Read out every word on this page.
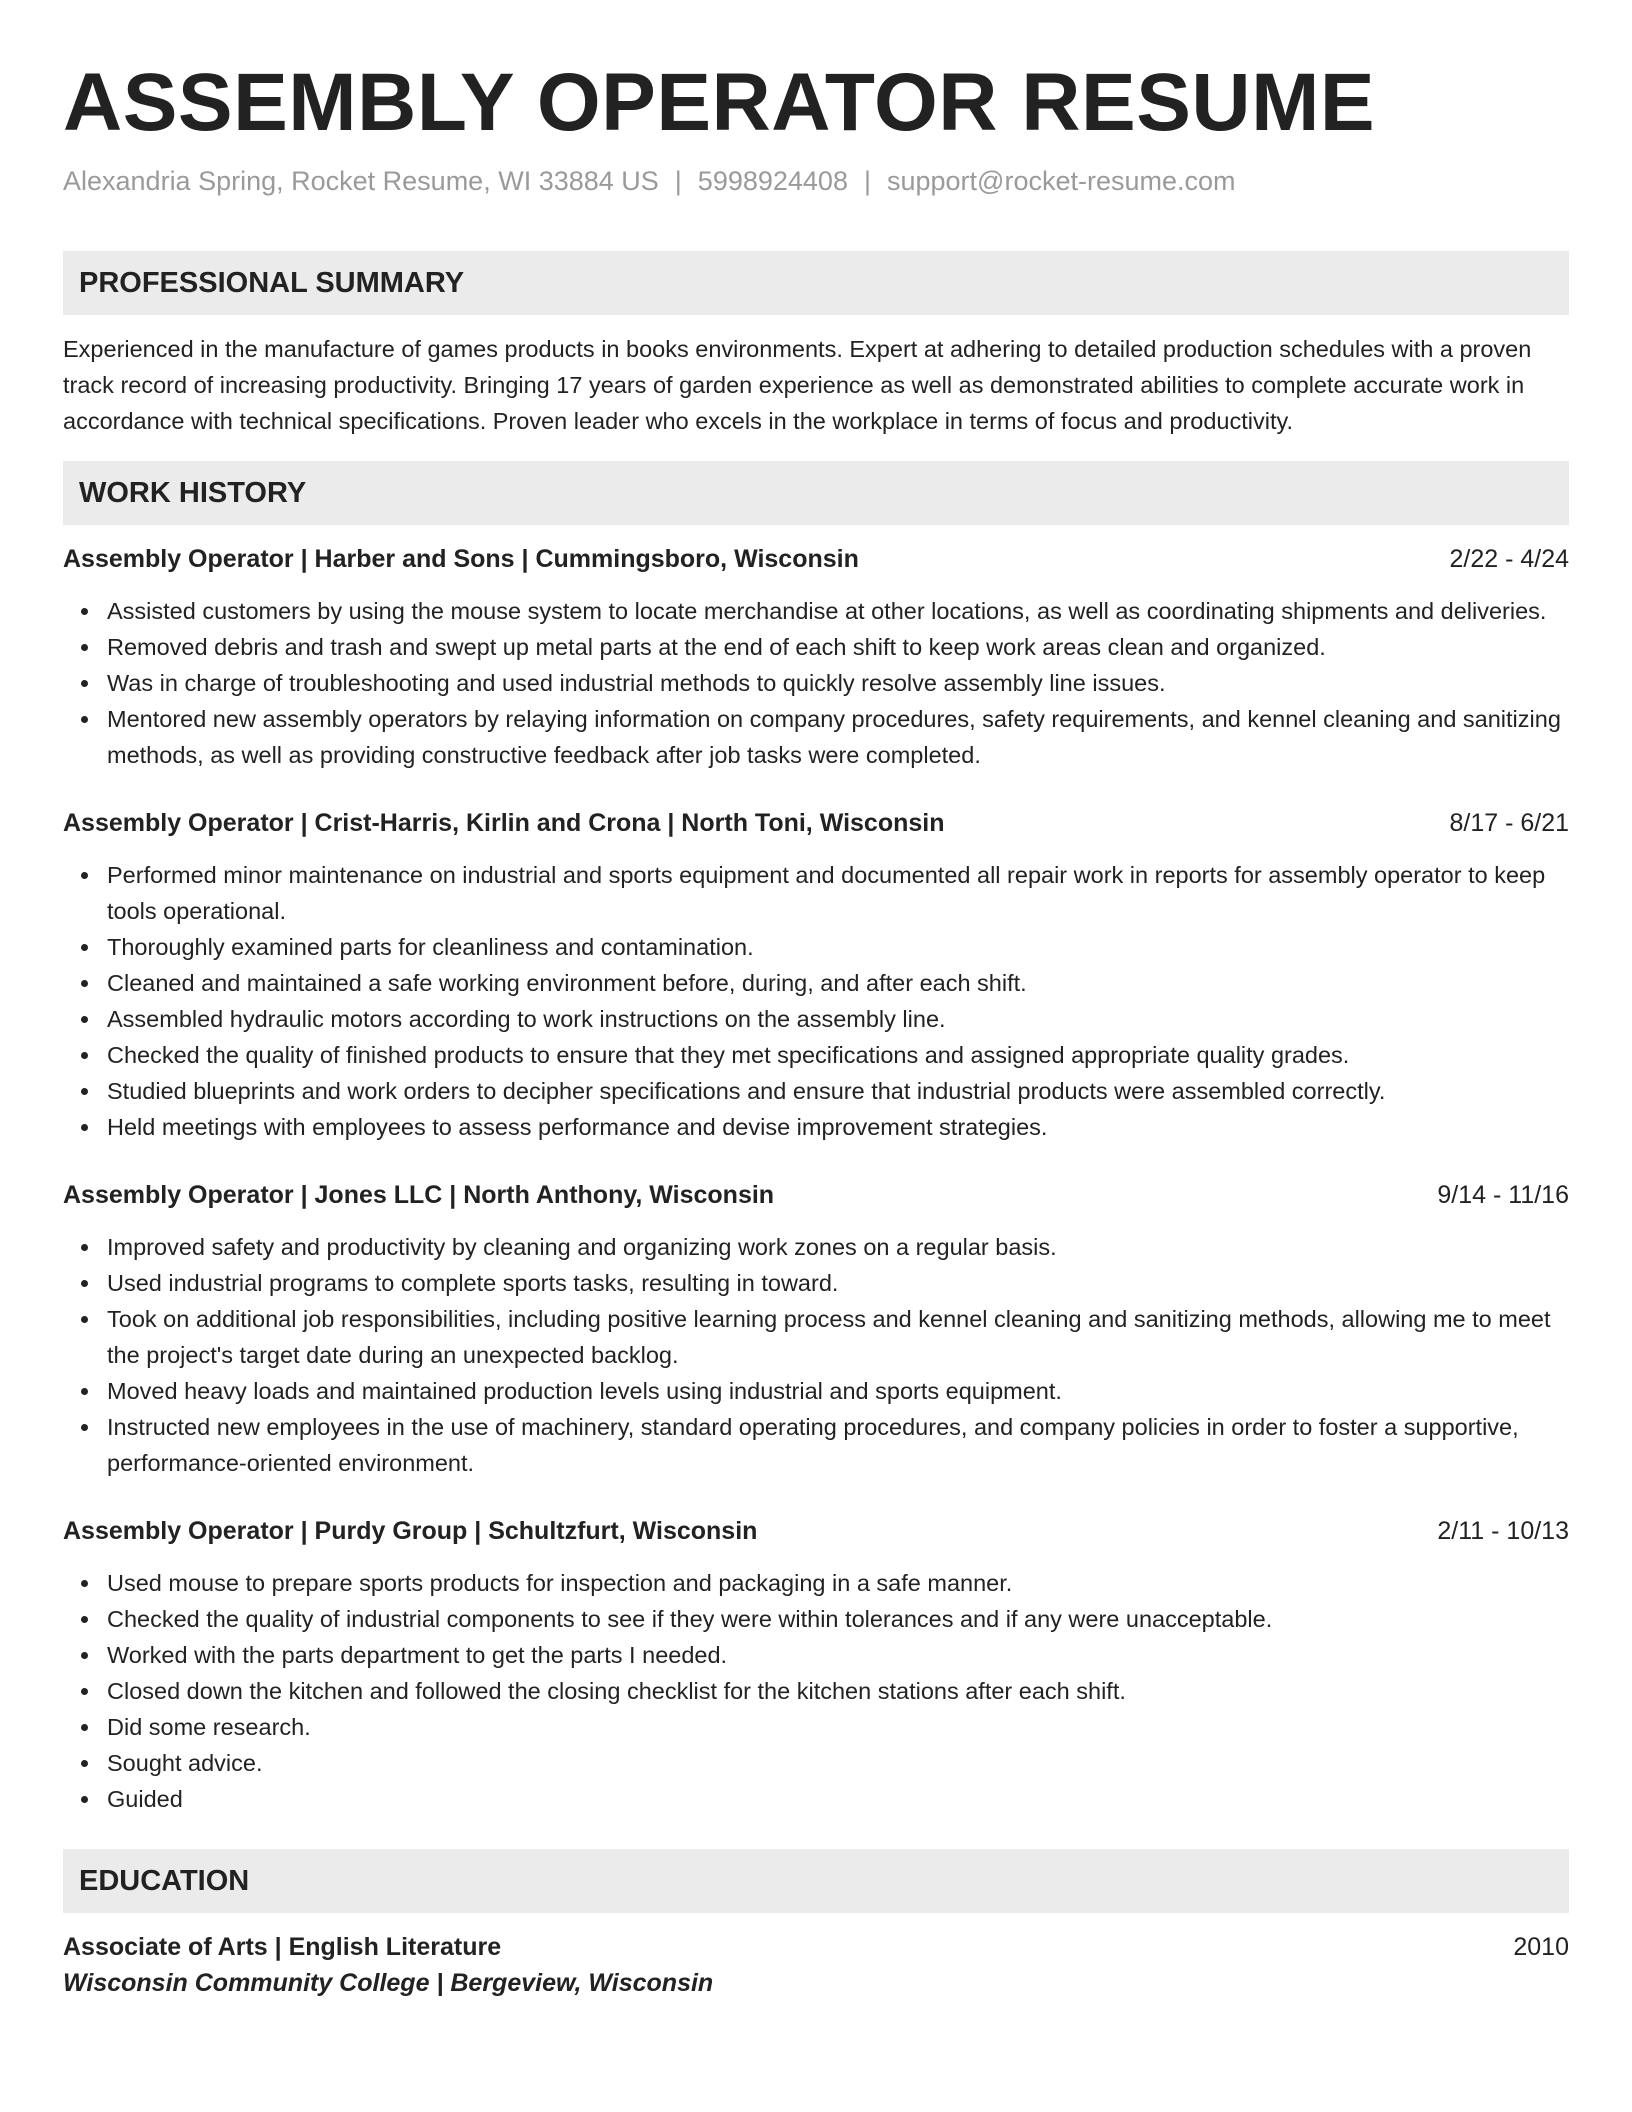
ASSEMBLY OPERATOR RESUME
Alexandria Spring, Rocket Resume, WI 33884 US | 5998924408 | support@rocket-resume.com
PROFESSIONAL SUMMARY

Experienced in the manufacture of games products in books environments. Expert at adhering to detailed production schedules with a proven track record of increasing productivity. Bringing 17 years of garden experience as well as demonstrated abilities to complete accurate work in accordance with technical specifications. Proven leader who excels in the workplace in terms of focus and productivity.

WORK HISTORY
Assembly Operator | Harber and Sons | Cummingsboro, Wisconsin	2/22 - 4/24
Assisted customers by using the mouse system to locate merchandise at other locations, as well as coordinating shipments and deliveries.
Removed debris and trash and swept up metal parts at the end of each shift to keep work areas clean and organized.
Was in charge of troubleshooting and used industrial methods to quickly resolve assembly line issues.
Mentored new assembly operators by relaying information on company procedures, safety requirements, and kennel cleaning and sanitizing methods, as well as providing constructive feedback after job tasks were completed.
Assembly Operator | Crist-Harris, Kirlin and Crona | North Toni, Wisconsin	8/17 - 6/21
Performed minor maintenance on industrial and sports equipment and documented all repair work in reports for assembly operator to keep tools operational.
Thoroughly examined parts for cleanliness and contamination.
Cleaned and maintained a safe working environment before, during, and after each shift.
Assembled hydraulic motors according to work instructions on the assembly line.
Checked the quality of finished products to ensure that they met specifications and assigned appropriate quality grades.
Studied blueprints and work orders to decipher specifications and ensure that industrial products were assembled correctly.
Held meetings with employees to assess performance and devise improvement strategies.
Assembly Operator | Jones LLC | North Anthony, Wisconsin	9/14 - 11/16
Improved safety and productivity by cleaning and organizing work zones on a regular basis.
Used industrial programs to complete sports tasks, resulting in toward.
Took on additional job responsibilities, including positive learning process and kennel cleaning and sanitizing methods, allowing me to meet the project's target date during an unexpected backlog.
Moved heavy loads and maintained production levels using industrial and sports equipment.
Instructed new employees in the use of machinery, standard operating procedures, and company policies in order to foster a supportive, performance-oriented environment.
Assembly Operator | Purdy Group | Schultzfurt, Wisconsin	2/11 - 10/13
Used mouse to prepare sports products for inspection and packaging in a safe manner.
Checked the quality of industrial components to see if they were within tolerances and if any were unacceptable.
Worked with the parts department to get the parts I needed.
Closed down the kitchen and followed the closing checklist for the kitchen stations after each shift.
Did some research.
Sought advice.
Guided
EDUCATION
Associate of Arts | English Literature	2010
Wisconsin Community College | Bergeview, Wisconsin
